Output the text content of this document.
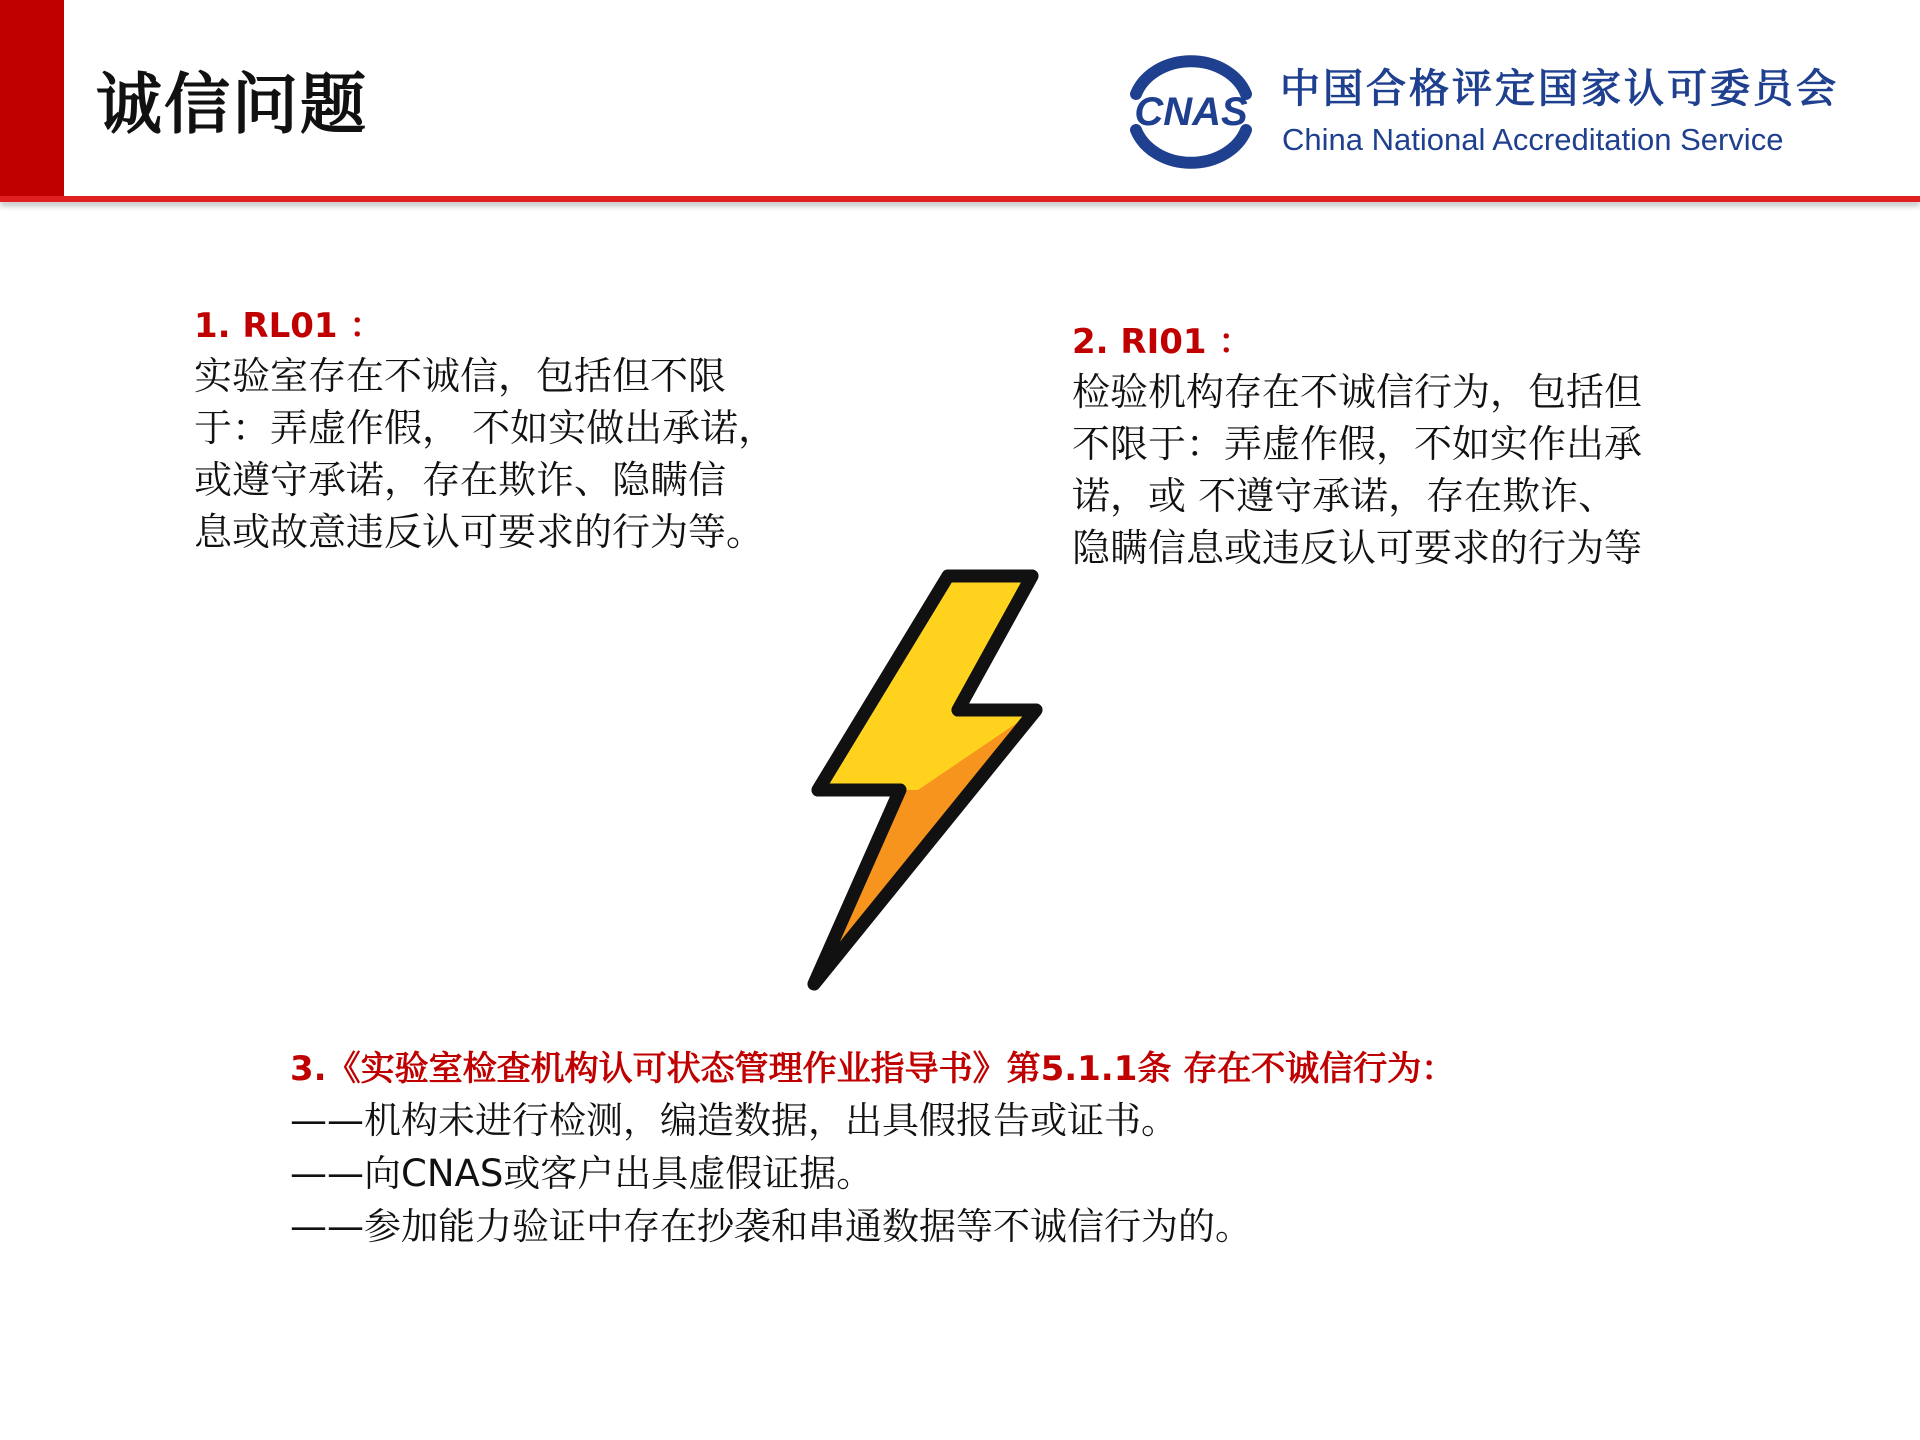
诚信问题	CNAS 中国合格评定国家认可委员会
China National Accreditation Service
1. RL01 ：
实验室存在不诚信，包括但不限
于：弄虚作假， 不如实做出承诺，
或遵守承诺，存在欺诈、隐瞒信
息或故意违反认可要求的行为等。
2. RI01 ：
检验机构存在不诚信行为，包括但
不限于：弄虚作假，不如实作出承
诺，或 不遵守承诺，存在欺诈、
隐瞒信息或违反认可要求的行为等
3.《实验室检查机构认可状态管理作业指导书》第5.1.1条 存在不诚信行为：
——机构未进行检测，编造数据，出具假报告或证书。
——向CNAS或客户出具虚假证据。
——参加能力验证中存在抄袭和串通数据等不诚信行为的。
